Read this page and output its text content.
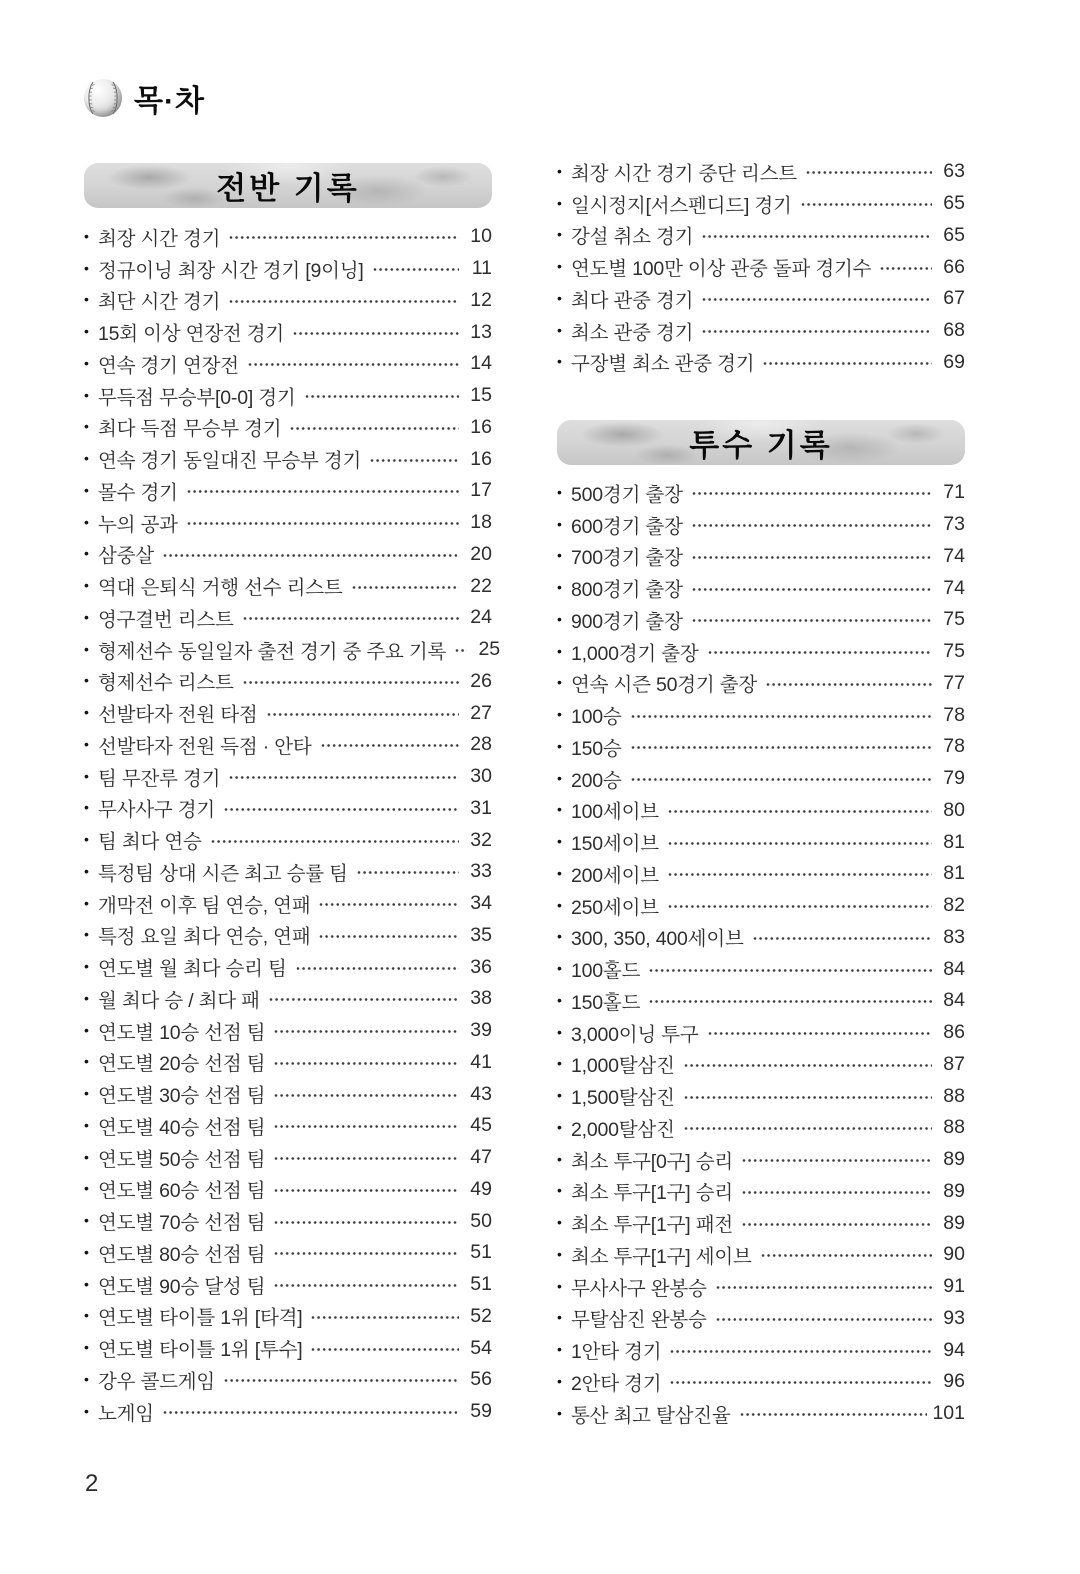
목·차
전반 기록
• 최장 시간 경기	10
• 정규이닝 최장 시간 경기 [9이닝]	11
• 최단 시간 경기	12
• 15회 이상 연장전 경기	13
• 연속 경기 연장전	14
• 무득점 무승부[0-0] 경기	15
• 최다 득점 무승부 경기	16
• 연속 경기 동일대진 무승부 경기	16
• 몰수 경기	17
• 누의 공과	18
• 삼중살	20
• 역대 은퇴식 거행 선수 리스트	22
• 영구결번 리스트	24
• 형제선수 동일일자 출전 경기 중 주요 기록	25
• 형제선수 리스트	26
• 선발타자 전원 타점	27
• 선발타자 전원 득점 · 안타	28
• 팀 무잔루 경기	30
• 무사사구 경기	31
• 팀 최다 연승	32
• 특정팀 상대 시즌 최고 승률 팀	33
• 개막전 이후 팀 연승, 연패	34
• 특정 요일 최다 연승, 연패	35
• 연도별 월 최다 승리 팀	36
• 월 최다 승 / 최다 패	38
• 연도별 10승 선점 팀	39
• 연도별 20승 선점 팀	41
• 연도별 30승 선점 팀	43
• 연도별 40승 선점 팀	45
• 연도별 50승 선점 팀	47
• 연도별 60승 선점 팀	49
• 연도별 70승 선점 팀	50
• 연도별 80승 선점 팀	51
• 연도별 90승 달성 팀	51
• 연도별 타이틀 1위 [타격]	52
• 연도별 타이틀 1위 [투수]	54
• 강우 콜드게임	56
• 노게임	59
• 최장 시간 경기 중단 리스트	63
• 일시정지[서스펜디드] 경기	65
• 강설 취소 경기	65
• 연도별 100만 이상 관중 돌파 경기수	66
• 최다 관중 경기	67
• 최소 관중 경기	68
• 구장별 최소 관중 경기	69
투수 기록
• 500경기 출장	71
• 600경기 출장	73
• 700경기 출장	74
• 800경기 출장	74
• 900경기 출장	75
• 1,000경기 출장	75
• 연속 시즌 50경기 출장	77
• 100승	78
• 150승	78
• 200승	79
• 100세이브	80
• 150세이브	81
• 200세이브	81
• 250세이브	82
• 300, 350, 400세이브	83
• 100홀드	84
• 150홀드	84
• 3,000이닝 투구	86
• 1,000탈삼진	87
• 1,500탈삼진	88
• 2,000탈삼진	88
• 최소 투구[0구] 승리	89
• 최소 투구[1구] 승리	89
• 최소 투구[1구] 패전	89
• 최소 투구[1구] 세이브	90
• 무사사구 완봉승	91
• 무탈삼진 완봉승	93
• 1안타 경기	94
• 2안타 경기	96
• 통산 최고 탈삼진율	101
2
